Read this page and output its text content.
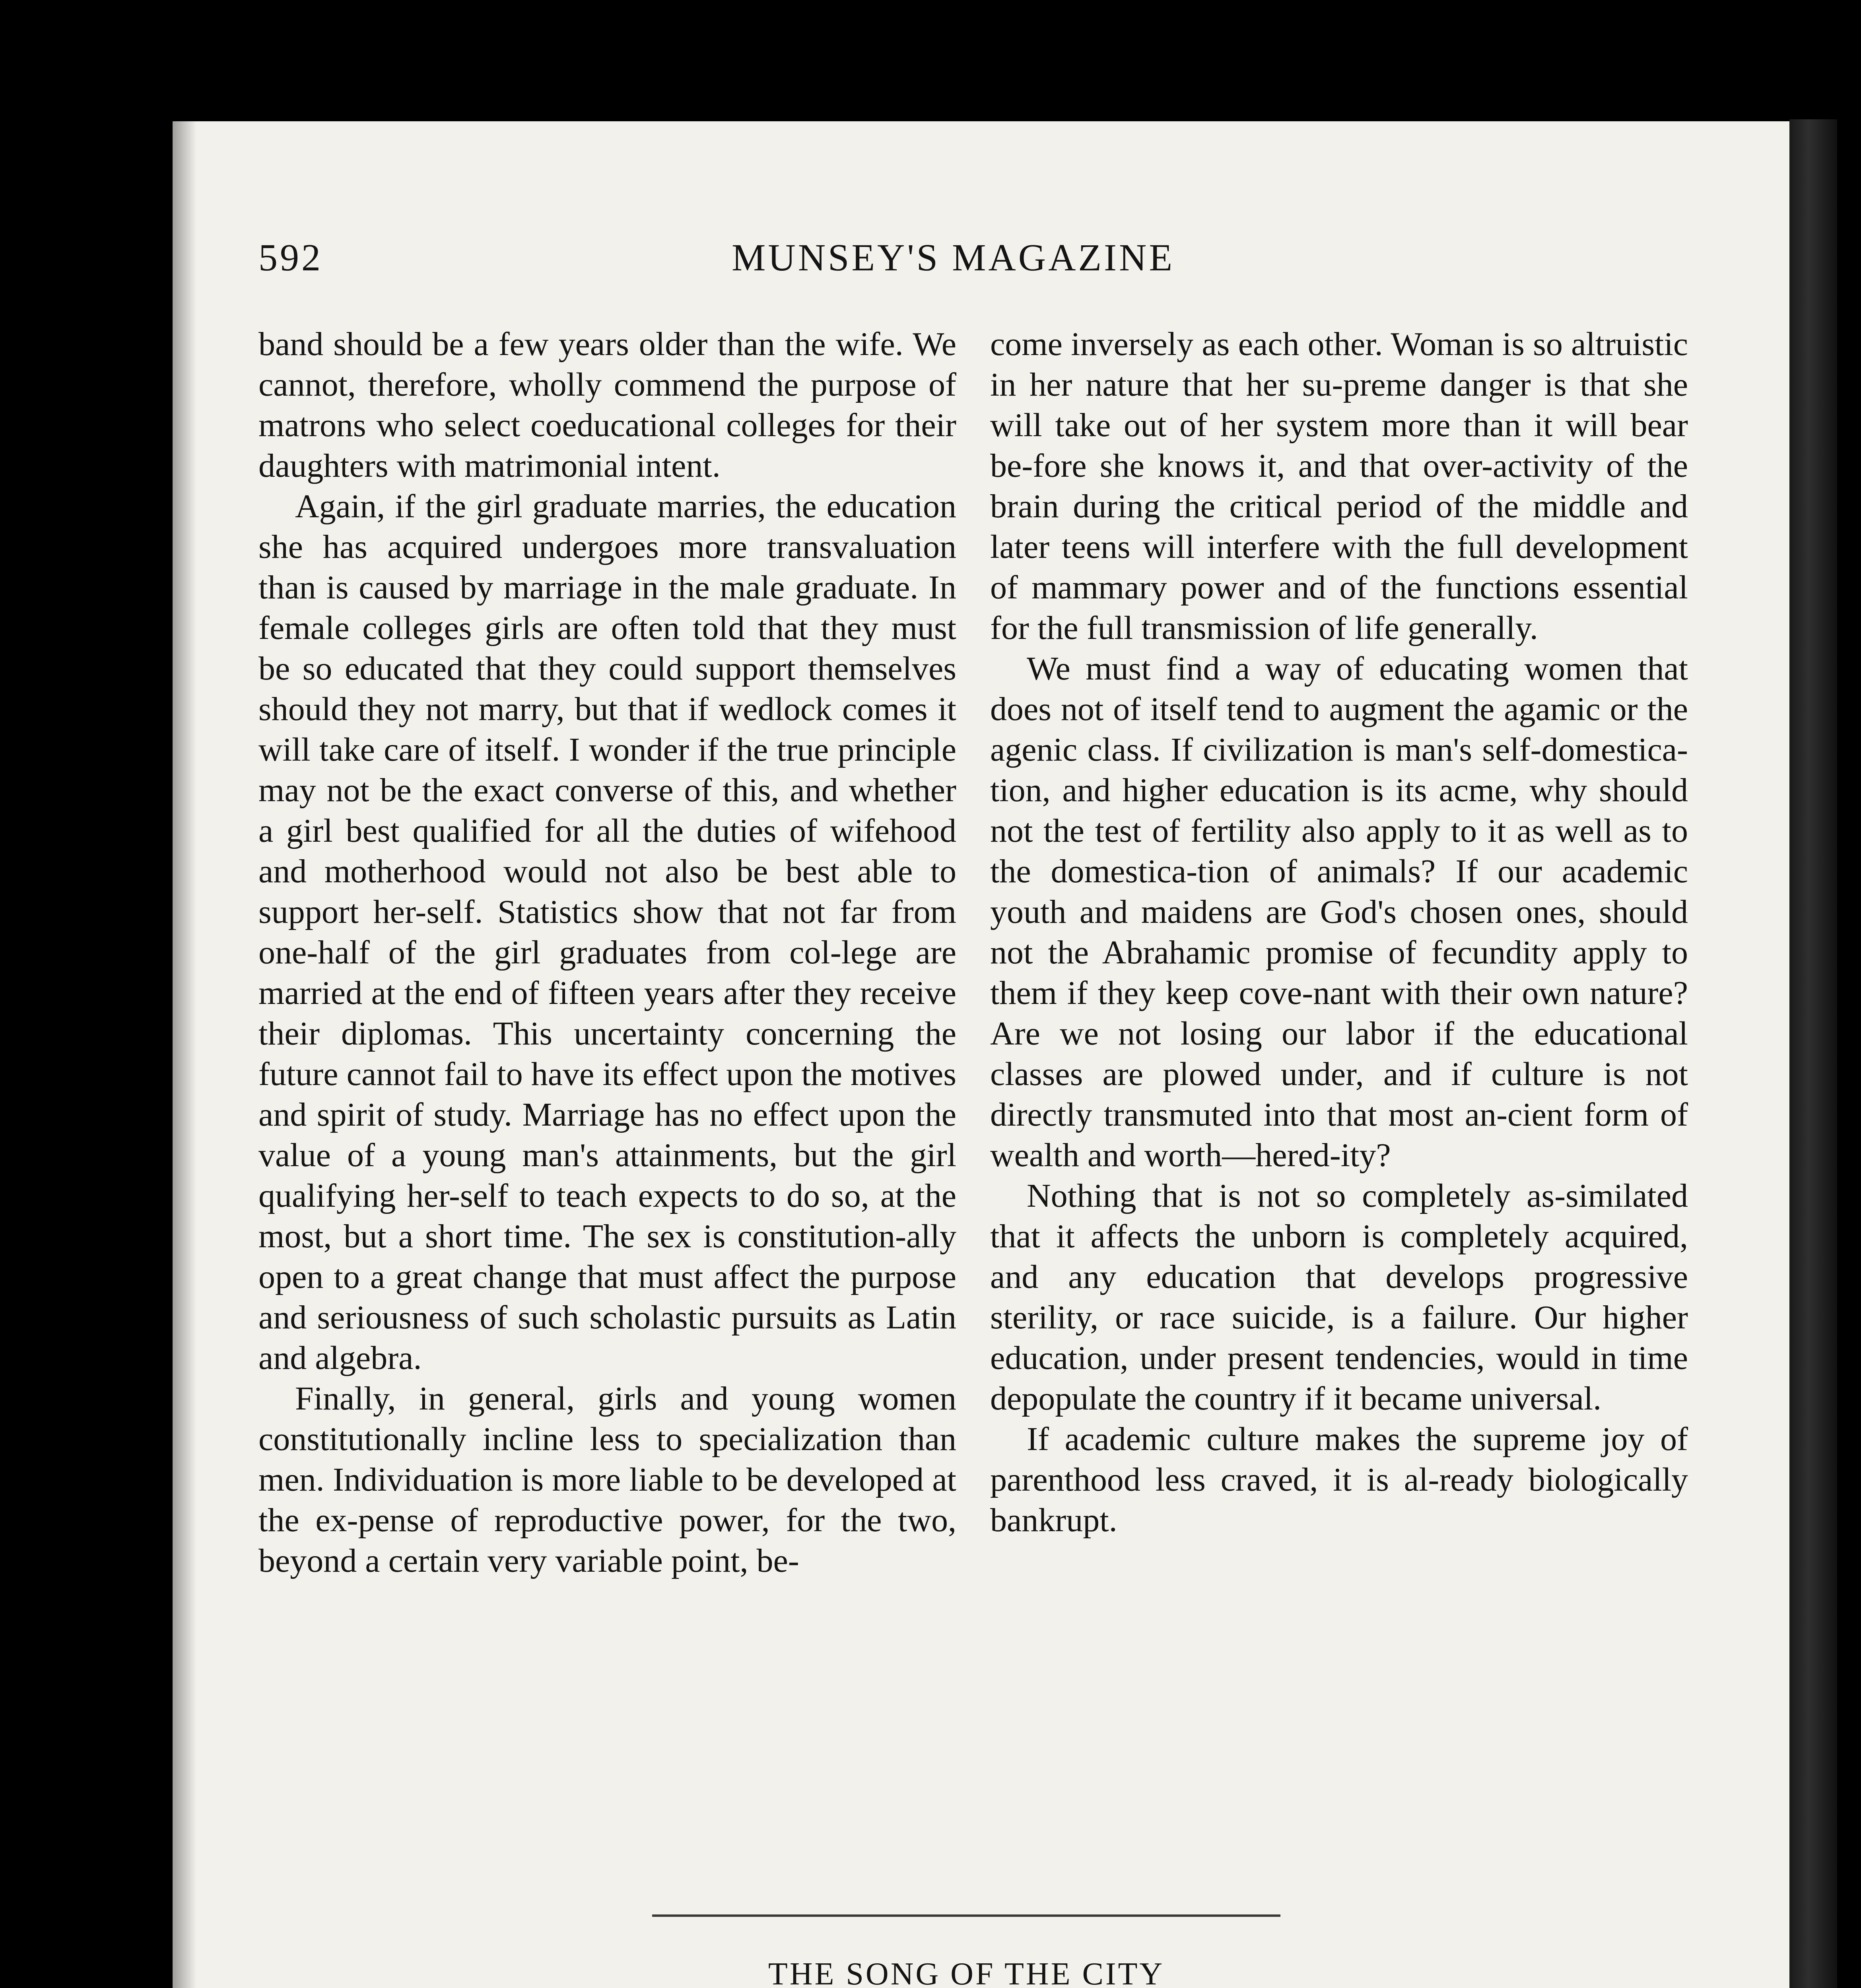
592	MUNSEY'S MAGAZINE

band should be a few years older than the wife. We cannot, therefore, wholly commend the purpose of matrons who select coeducational colleges for their daughters with matrimonial intent.

Again, if the girl graduate marries, the education she has acquired undergoes more transvaluation than is caused by marriage in the male graduate. In female colleges girls are often told that they must be so educated that they could support themselves should they not marry, but that if wedlock comes it will take care of itself. I wonder if the true principle may not be the exact converse of this, and whether a girl best qualified for all the duties of wifehood and motherhood would not also be best able to support her-self. Statistics show that not far from one-half of the girl graduates from col-lege are married at the end of fifteen years after they receive their diplomas. This uncertainty concerning the future cannot fail to have its effect upon the motives and spirit of study. Marriage has no effect upon the value of a young man's attainments, but the girl qualifying her-self to teach expects to do so, at the most, but a short time. The sex is constitution-ally open to a great change that must affect the purpose and seriousness of such scholastic pursuits as Latin and algebra.

Finally, in general, girls and young women constitutionally incline less to specialization than men. Individuation is more liable to be developed at the ex-pense of reproductive power, for the two, beyond a certain very variable point, be-

come inversely as each other. Woman is so altruistic in her nature that her su-preme danger is that she will take out of her system more than it will bear be-fore she knows it, and that over-activity of the brain during the critical period of the middle and later teens will interfere with the full development of mammary power and of the functions essential for the full transmission of life generally.

We must find a way of educating women that does not of itself tend to augment the agamic or the agenic class. If civilization is man's self-domestica-tion, and higher education is its acme, why should not the test of fertility also apply to it as well as to the domestica-tion of animals? If our academic youth and maidens are God's chosen ones, should not the Abrahamic promise of fecundity apply to them if they keep cove-nant with their own nature? Are we not losing our labor if the educational classes are plowed under, and if culture is not directly transmuted into that most an-cient form of wealth and worth—hered-ity?

Nothing that is not so completely as-similated that it affects the unborn is completely acquired, and any education that develops progressive sterility, or race suicide, is a failure. Our higher education, under present tendencies, would in time depopulate the country if it became universal.

If academic culture makes the supreme joy of parenthood less craved, it is al-ready biologically bankrupt.

THE SONG OF THE CITY
